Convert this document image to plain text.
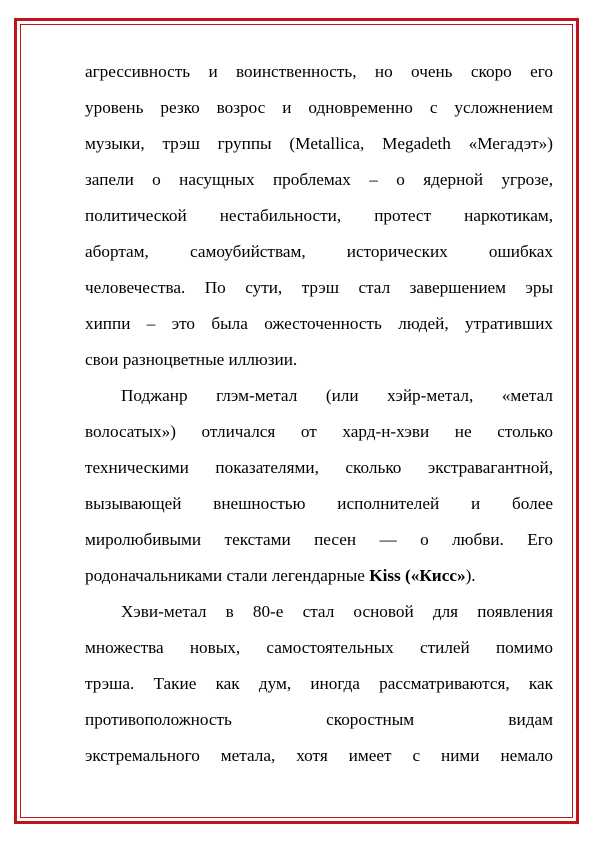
агрессивность и воинственность, но очень скоро его
уровень резко возрос и одновременно с усложнением
музыки, трэш группы (Metallica, Megadeth «Мегадэт»)
запели о насущных проблемах – о ядерной угрозе,
политической нестабильности, протест наркотикам,
абортам, самоубийствам, исторических ошибках
человечества. По сути, трэш стал завершением эры
хиппи – это была ожесточенность людей, утративших
свои разноцветные иллюзии.
Поджанр глэм-метал (или хэйр-метал, «метал
волосатых») отличался от хард-н-хэви не столько
техническими показателями, сколько экстравагантной,
вызывающей внешностью исполнителей и более
миролюбивыми текстами песен — о любви. Его
родоначальниками стали легендарные Kiss («Кисс»).
Хэви-метал в 80-е стал основой для появления
множества новых, самостоятельных стилей помимо
трэша. Такие как дум, иногда рассматриваются, как
противоположность скоростным видам
экстремального метала, хотя имеет с ними немало
